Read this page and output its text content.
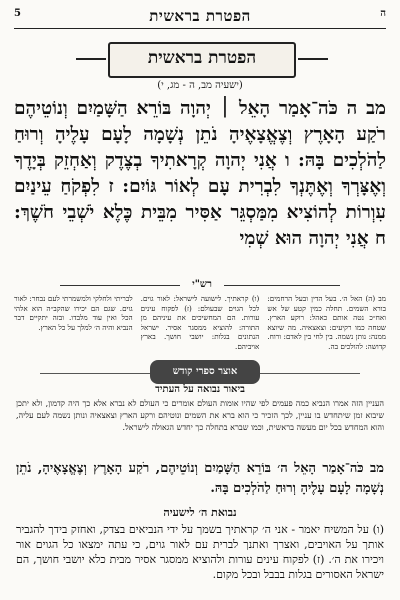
ה
הפטרת בראשית
5
הפטרת בראשית
(ישעיה מב, ה - מג, י)
מב ה כֹּה־אָמַר הָאֵל ׀ יְהוָה בּוֹרֵא הַשָּׁמַיִם וְנוֹטֵיהֶם רֹקַע הָאָרֶץ וְצֶאֱצָאֶיהָ נֹתֵן נְשָׁמָה לָעָם עָלֶיהָ וְרוּחַ לַהֹלְכִים בָּהּ: ו אֲנִי יְהוָה קְרָאתִיךָ בְצֶדֶק וְאַחְזֵק בְּיָדֶךָ וְאֶצָּרְךָ וְאֶתֶּנְךָ לִבְרִית עָם לְאוֹר גּוֹיִם: ז לִפְקֹחַ עֵינַיִם עִוְרוֹת לְהוֹצִיא מִמַּסְגֵּר אַסִּיר מִבֵּית כֶּלֶא יֹשְׁבֵי חֹשֶׁךְ: ח אֲנִי יְהוָה הוּא שְׁמִי
רש"י
מב (ה) האל ה׳. בעל הדין ובעל הרחמים: בורא השמים. תחלה כמין קטע של אש ואח״כ נטה אותם כאהל: רוקע הארץ. שטחה כמו רקיעים: וצאצאיה. מה שיוצא ממנה: נותן נשמה. בין לחי בין לאדם: ורוח. קדושה: להולכים בה.
(ו) קראתיך. לישועה לישראל: לאור גוים. לכל הגוים שבעולם: (ז) לפקוח עינים עורות. הם המחשיכים את עיניהם מן התורה: להוציא ממסגר אסיר. ישראל הנתונים בגלות: יושבי חושך. בארץ אויביהם.
לבריתי ולחלקי ולמשמרתי לעם נבחר: לאור גוים. שגם הם יכירו שהקב״ה הוא אלהי הכל ואין עוד מלבדו. ובזה יתקיים דבר הנביא והיה ה׳ למלך על כל הארץ.
אוצר ספרי קודש
ביאור נבואה על העתיד
העניין הזה אמרו הנביא כמה פעמים לפי שהיו אומות העולם אומרים כי העולם לא נברא אלא כך היה קדמון, ולא יתכן שיבוא זמן שיתחדש בו עניין, לכך הזכיר כי הוא ברא את השמים ונוטיהם ורקע הארץ וצאצאיה ונותן נשמה לעם עליה, והוא המחדש בכל יום מעשה בראשית, וכמו שברא בתחלה כך יחדש הגאולה לישראל.
מב כֹּה־אָמַר הָאֵל ה׳ בּוֹרֵא הַשָּׁמַיִם וְנוֹטֵיהֶם, רֹקַע הָאָרֶץ וְצֶאֱצָאֶיהָ, נֹתֵן נְשָׁמָה לָעָם עָלֶיהָ וְרוּחַ לַהֹלְכִים בָּהּ.
נבואת ה׳ לישעיה
(ו) על המשיח יאמר - אני ה׳ קראתיך בשמך על ידי הנביאים בצדק, ואחזק בידך להגביר אותך על האויבים, ואצרך ואתנך לברית עם לאור גוים, כי עתה ימצאו כל הגוים אור ויכירו את ה׳. (ז) לפקוח עינים עורות ולהוציא ממסגר אסיר מבית כלא יושבי חושך, הם ישראל האסורים בגלות בבבל ובכל מקום.
